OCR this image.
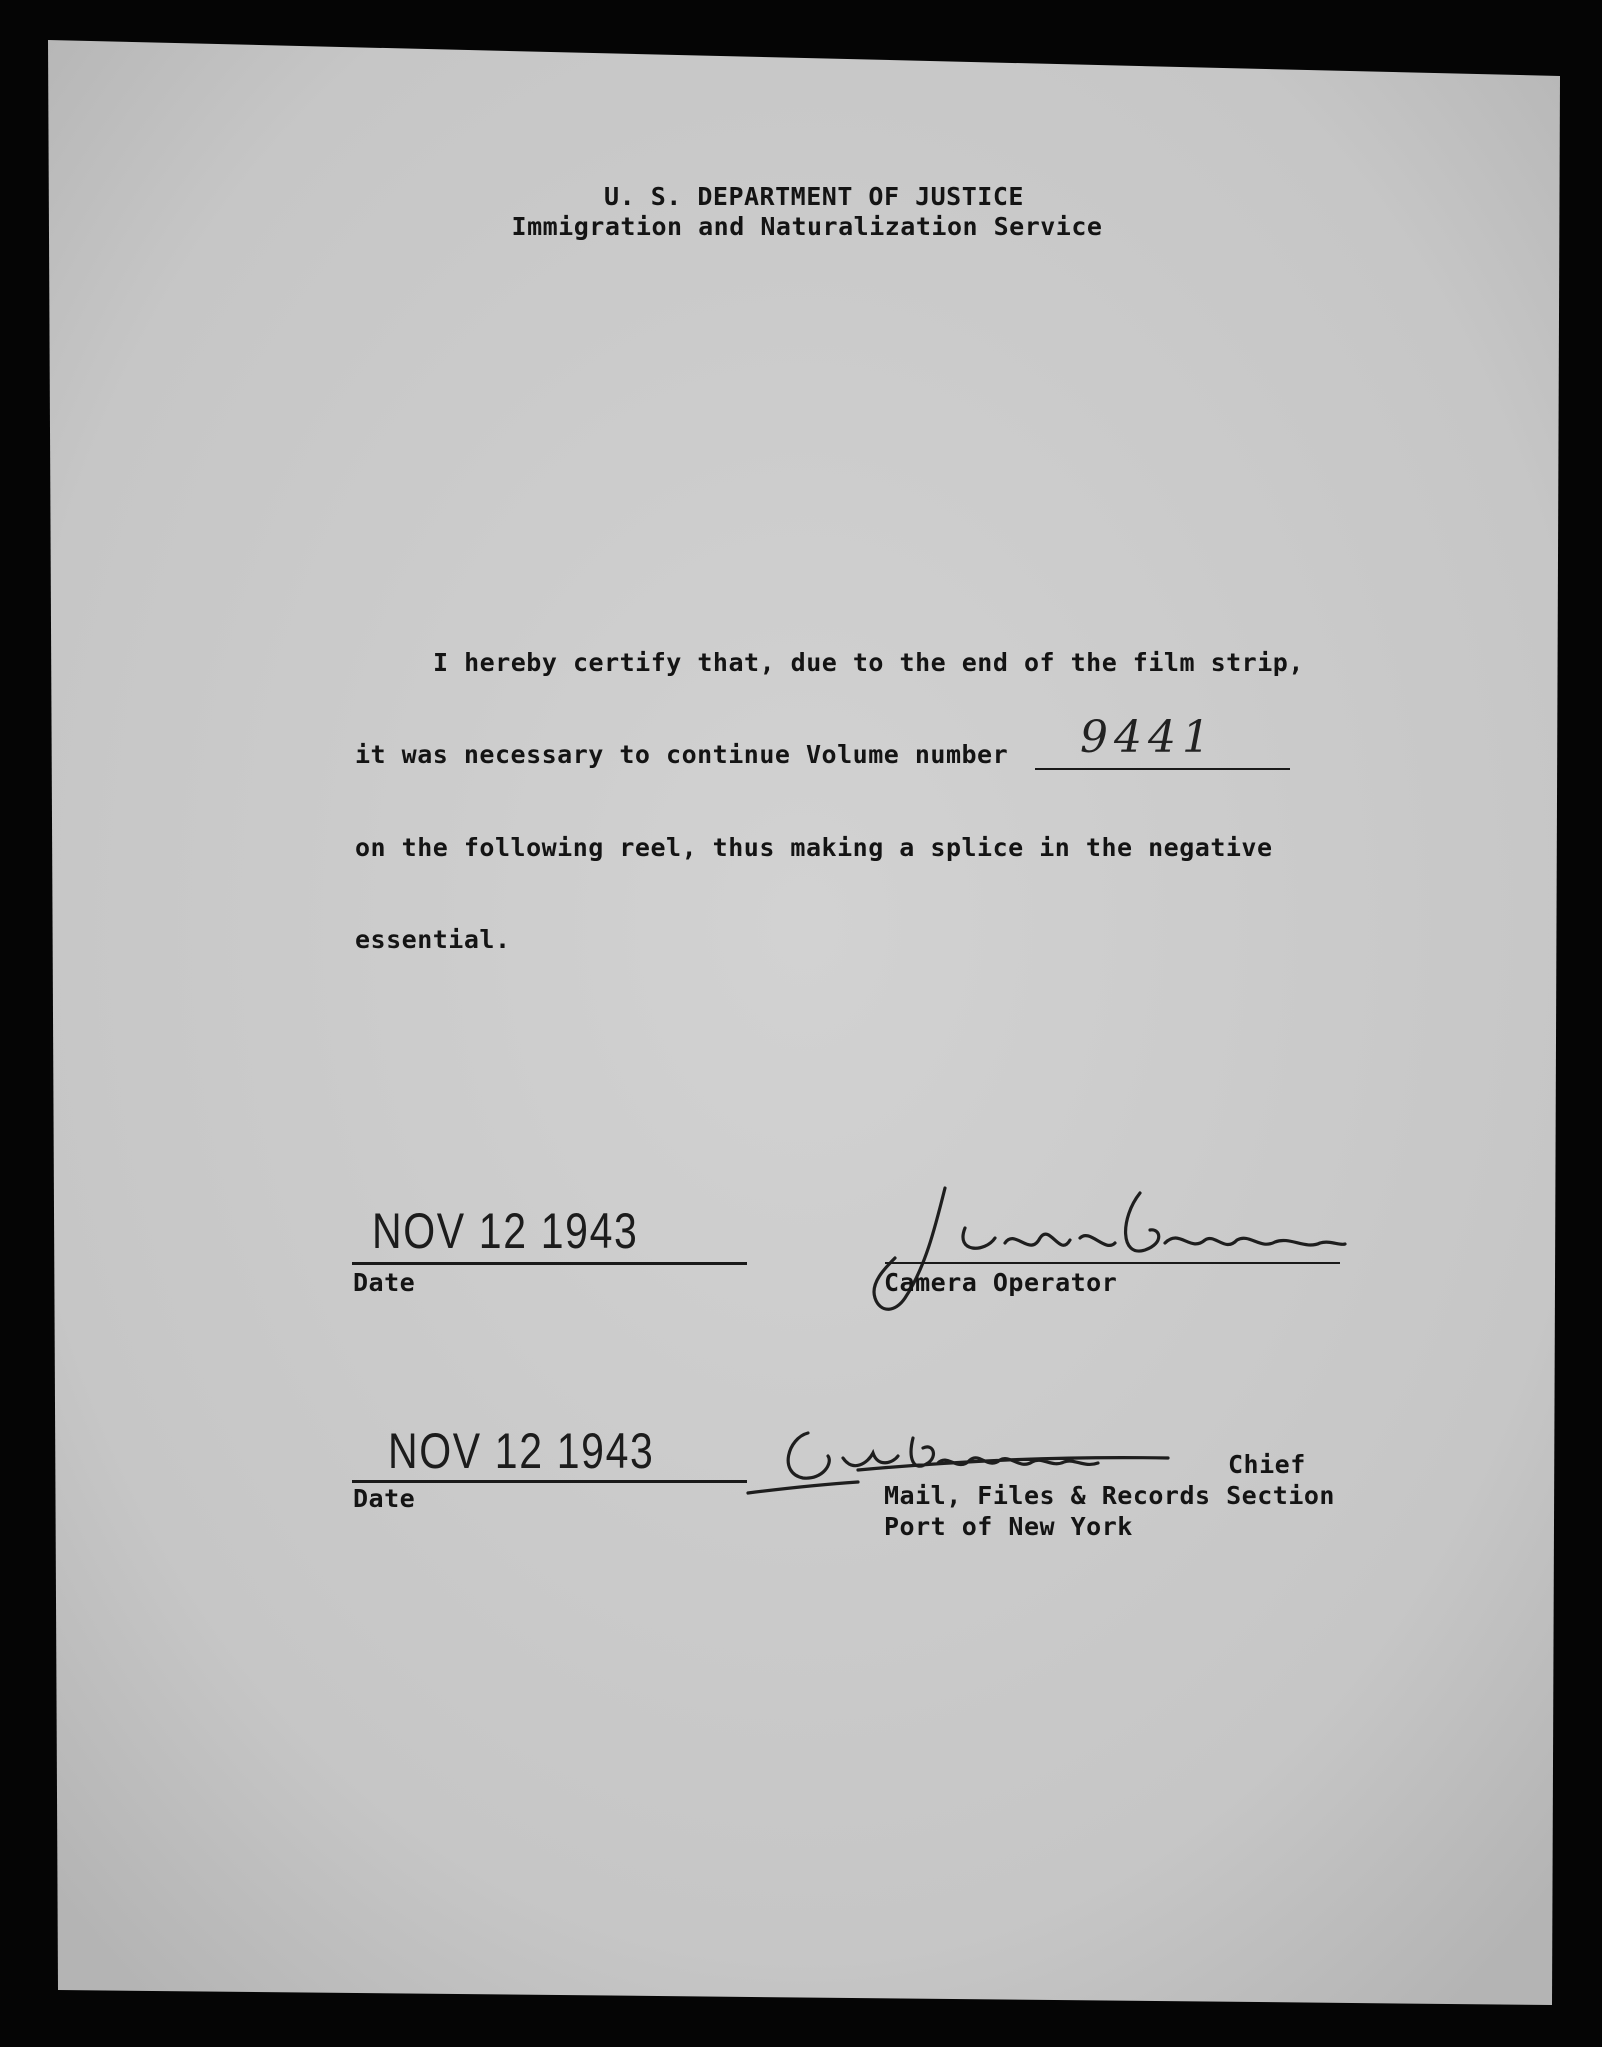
U. S. DEPARTMENT OF JUSTICE
Immigration and Naturalization Service
I hereby certify that, due to the end of the film strip,
it was necessary to continue Volume number 9441
on the following reel, thus making a splice in the negative
essential.
NOV 12 1943
Date	Camera Operator
NOV 12 1943
Date
Chief
Mail, Files & Records Section
Port of New York
